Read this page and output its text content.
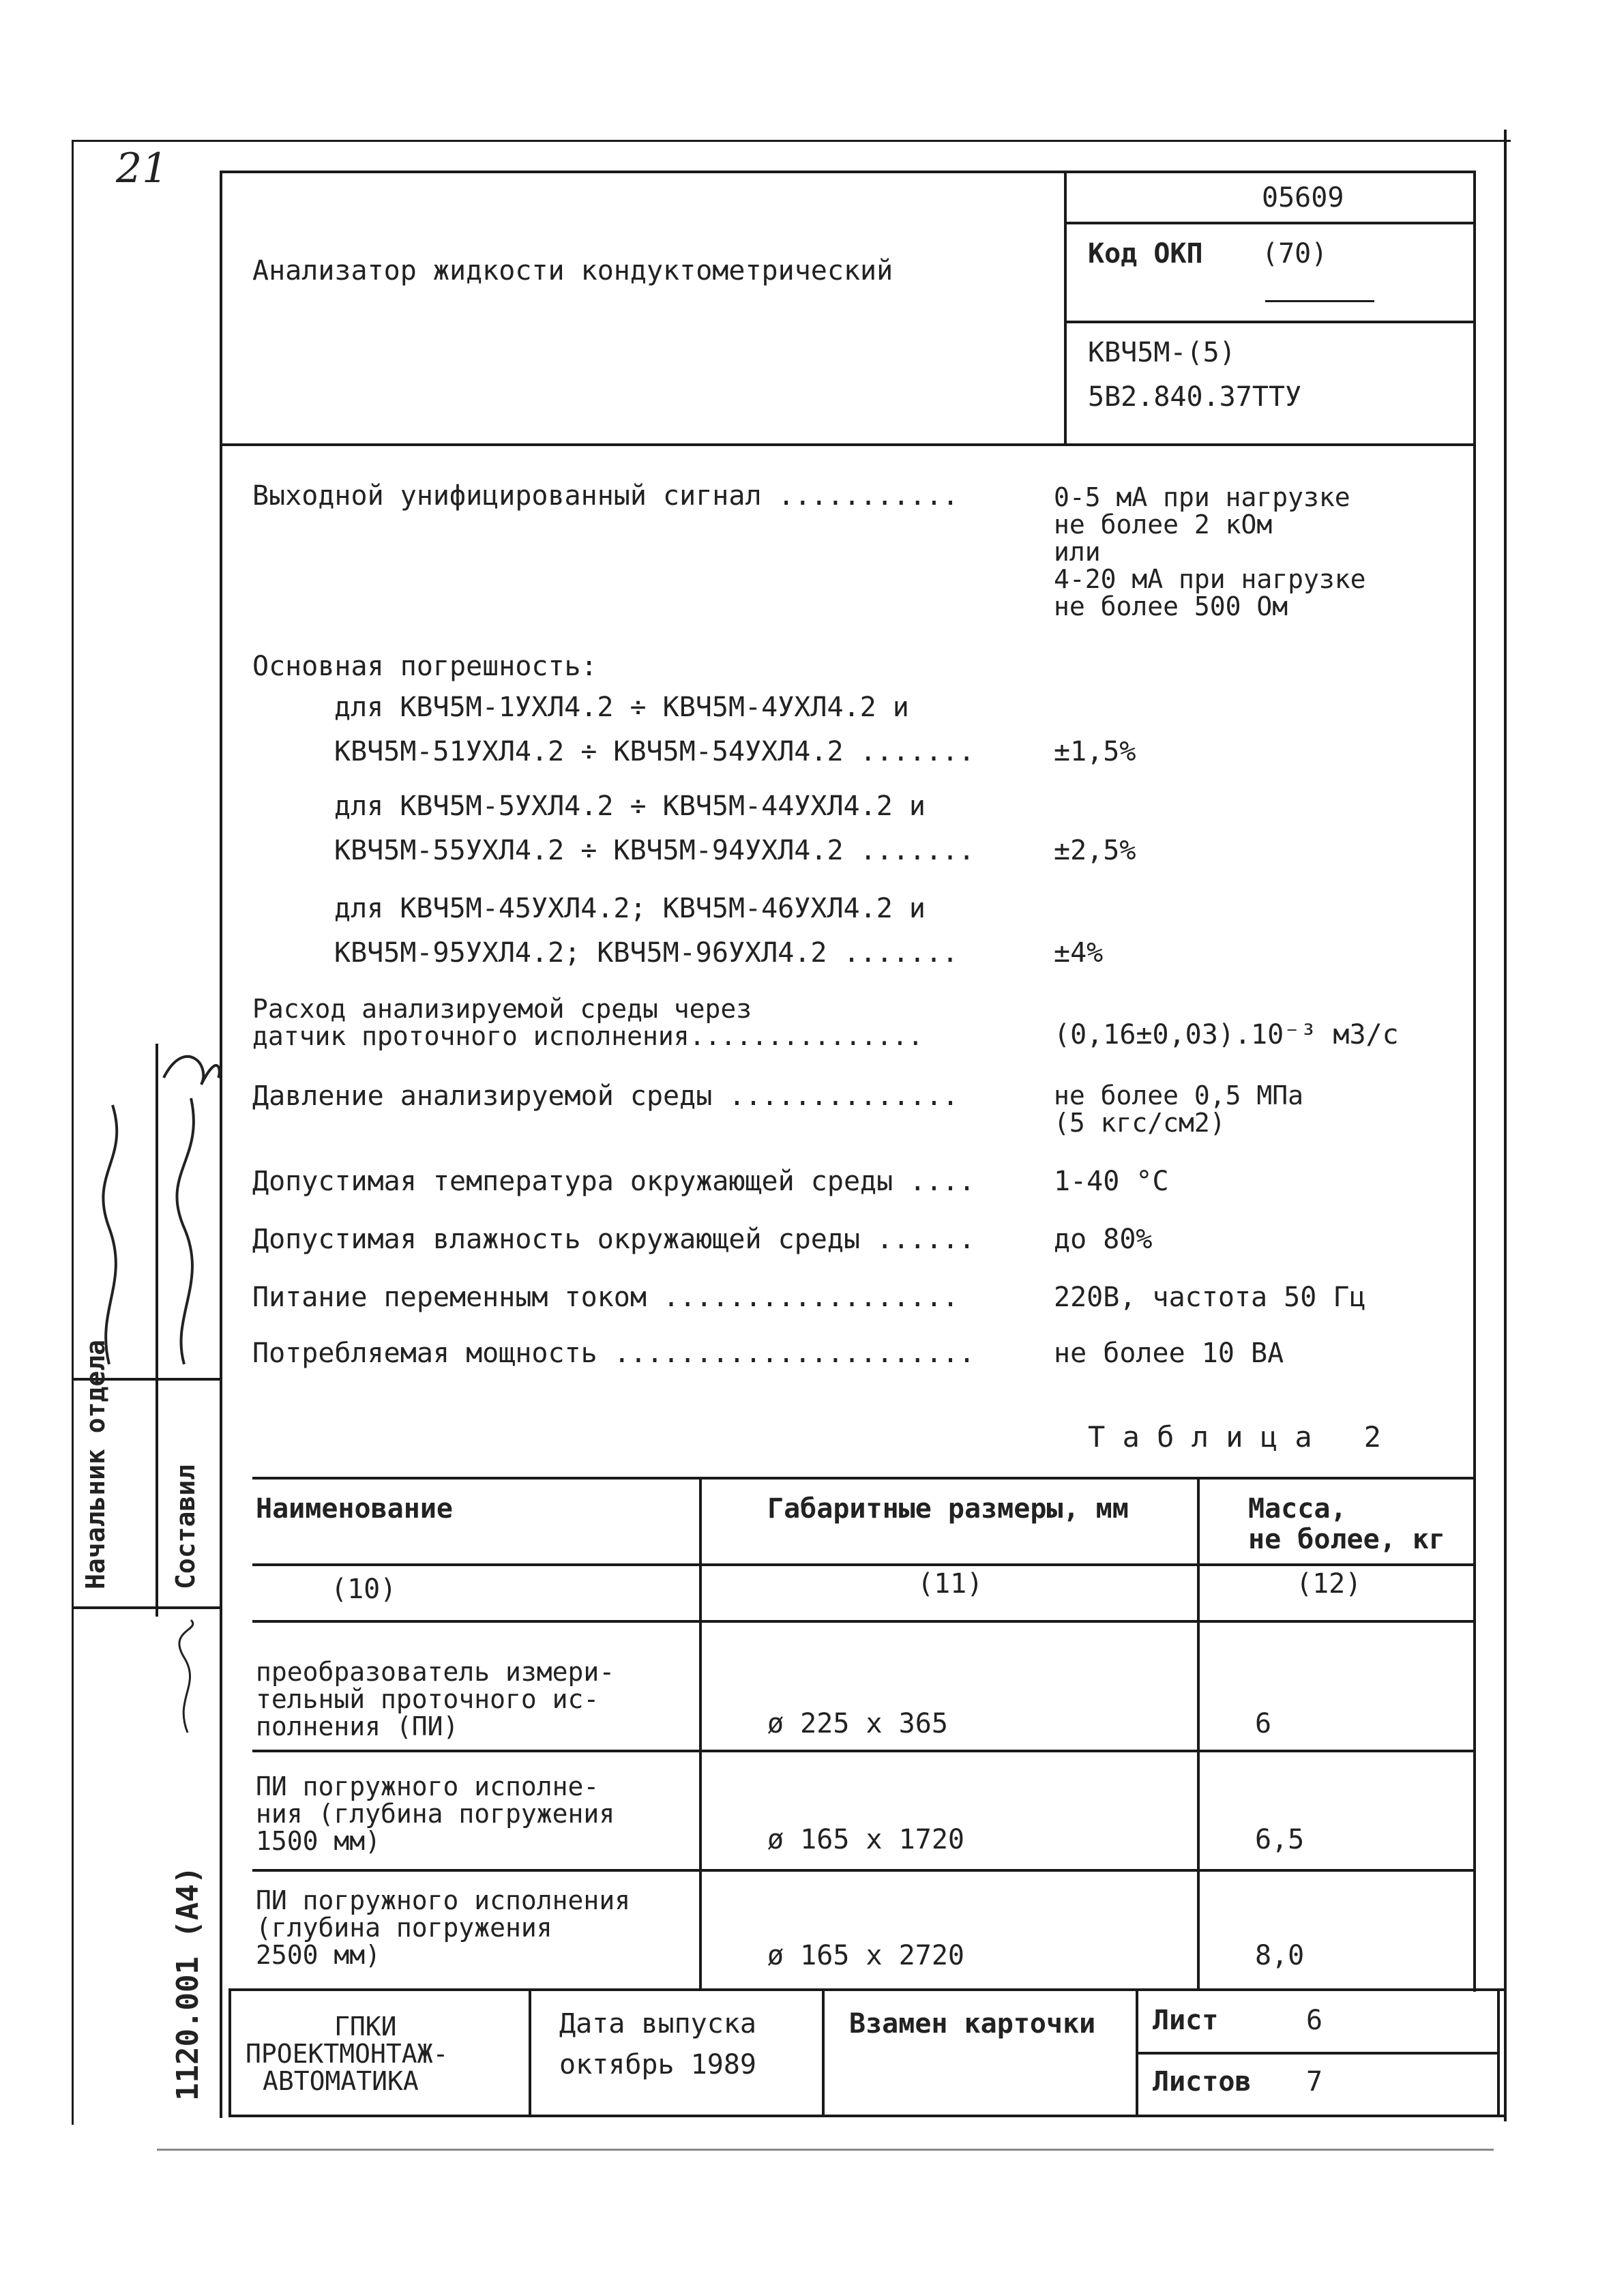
21
Анализатор жидкости кондуктометрический
05609
Код ОКП (70)
КВЧ5М-(5)
5В2.840.37ТТУ
Выходной унифицированный сигнал ...........	0-5 мА при нагрузке
не более 2 кОм
или
4-20 мА при нагрузке
не более 500 Ом
Основная погрешность:
для КВЧ5М-1УХЛ4.2 ÷ КВЧ5М-4УХЛ4.2 и
КВЧ5М-51УХЛ4.2 ÷ КВЧ5М-54УХЛ4.2 .......	±1,5%
для КВЧ5М-5УХЛ4.2 ÷ КВЧ5М-44УХЛ4.2 и
КВЧ5М-55УХЛ4.2 ÷ КВЧ5М-94УХЛ4.2 .......	±2,5%
для КВЧ5М-45УХЛ4.2; КВЧ5М-46УХЛ4.2 и
КВЧ5М-95УХЛ4.2; КВЧ5М-96УХЛ4.2 .......	±4%
Расход анализируемой среды через
датчик проточного исполнения...............	(0,16±0,03).10⁻³ м3/с
Давление анализируемой среды ..............	не более 0,5 МПа
(5 кгс/см2)
Допустимая температура окружающей среды ....	1-40 °С
Допустимая влажность окружающей среды ......	до 80%
Питание переменным током ..................	220В, частота 50 Гц
Потребляемая мощность ......................	не более 10 ВА
Т а б л и ц а   2
Наименование	Габаритные размеры, мм	Масса,
не более, кг
(10)	(11)	(12)
преобразователь измери-
тельный проточного ис-
полнения (ПИ)	ø 225 x 365	6
ПИ погружного исполне-
ния (глубина погружения
1500 мм)	ø 165 x 1720	6,5
ПИ погружного исполнения
(глубина погружения
2500 мм)	ø 165 x 2720	8,0
ГПКИ
ПРОЕКТМОНТАЖ-
АВТОМАТИКА
Дата выпуска
октябрь 1989
Взамен карточки Лист	6
Листов 7
Начальник отдела Составил
1120.001 (А4)
